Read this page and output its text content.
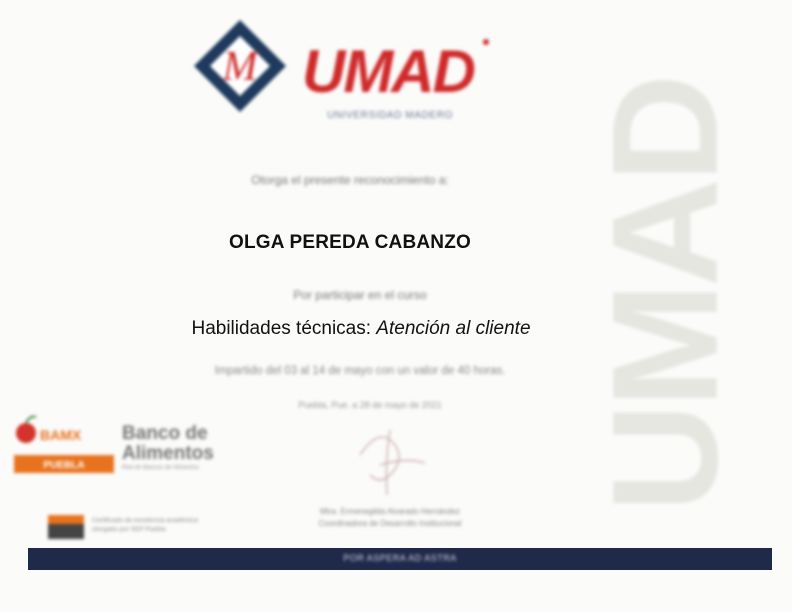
UMAD
M UMAD
UNIVERSIDAD MADERO
Otorga el presente reconocimiento a:
OLGA PEREDA CABANZO
Por participar en el curso
Habilidades técnicas: Atención al cliente
Impartido del 03 al 14 de mayo con un valor de 40 horas.
Puebla, Pue. a 28 de mayo de 2021
BAMX Banco de
Alimentos
Red de Bancos de Alimentos
PUEBLA
Mtra. Ermenegilda Alvarado Hernández
Coordinadora de Desarrollo Institucional
Certificado de excelencia académica
otorgado por SEP Puebla
POR ASPERA AD ASTRA
